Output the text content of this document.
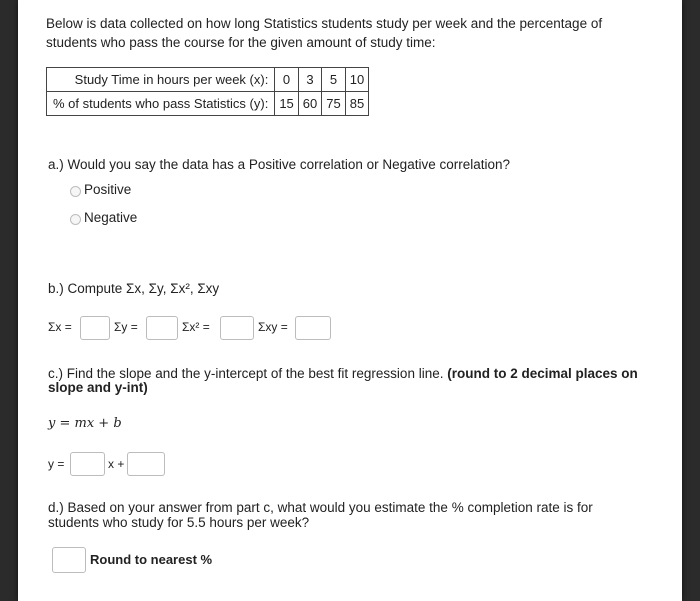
Below is data collected on how long Statistics students study per week and the percentage of
students who pass the course for the given amount of study time:
Study Time in hours per week (x):	0	3	5	10
% of students who pass Statistics (y):	15	60	75	85
a.) Would you say the data has a Positive correlation or Negative correlation?
Positive
Negative
b.) Compute Σx, Σy, Σx², Σxy
Σx =	Σy =	Σx² =	Σxy =
c.) Find the slope and the y-intercept of the best fit regression line. (round to 2 decimal places on
slope and y-int)
y = mx + b
y =	x +
d.) Based on your answer from part c, what would you estimate the % completion rate is for
students who study for 5.5 hours per week?
Round to nearest %
